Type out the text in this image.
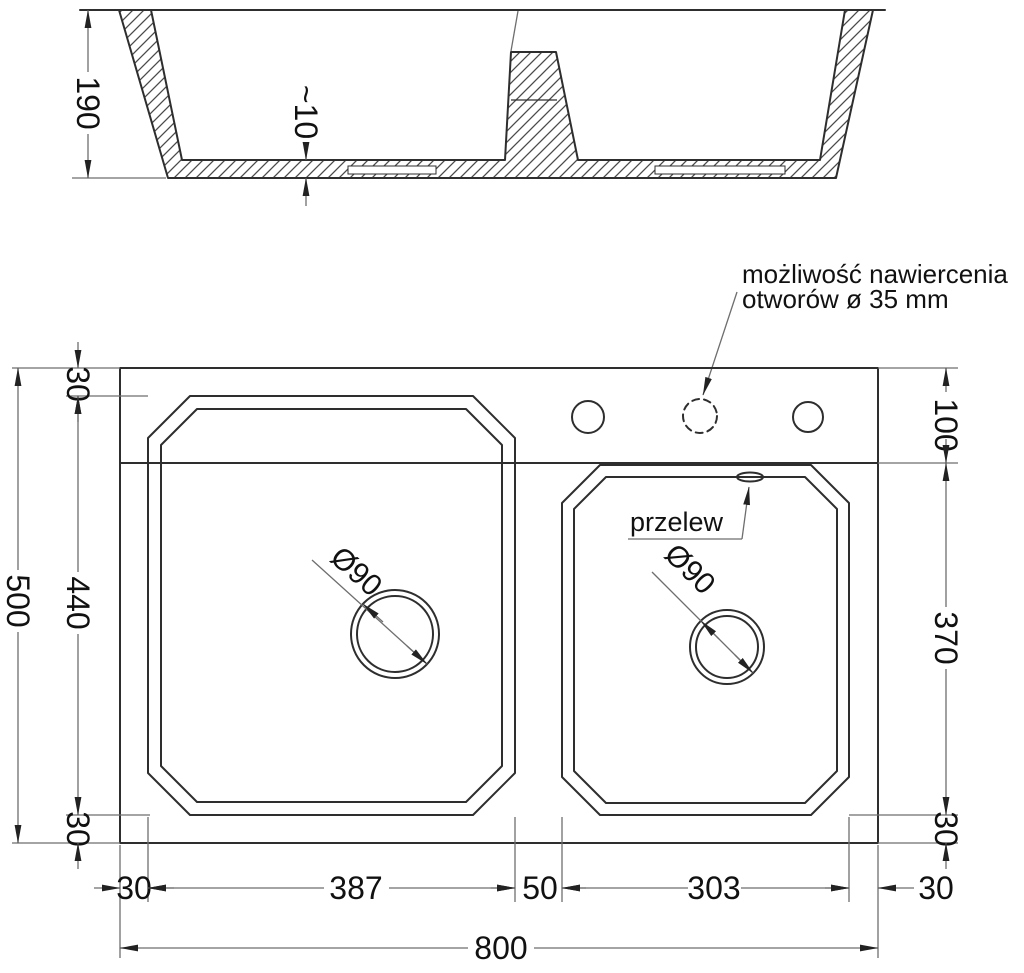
190	~10
możliwość nawiercenia
otworów ø 35 mm
Ø90	Ø90
przelew
500
30
440
30
100
370
30
30	387	50	303	30
800
